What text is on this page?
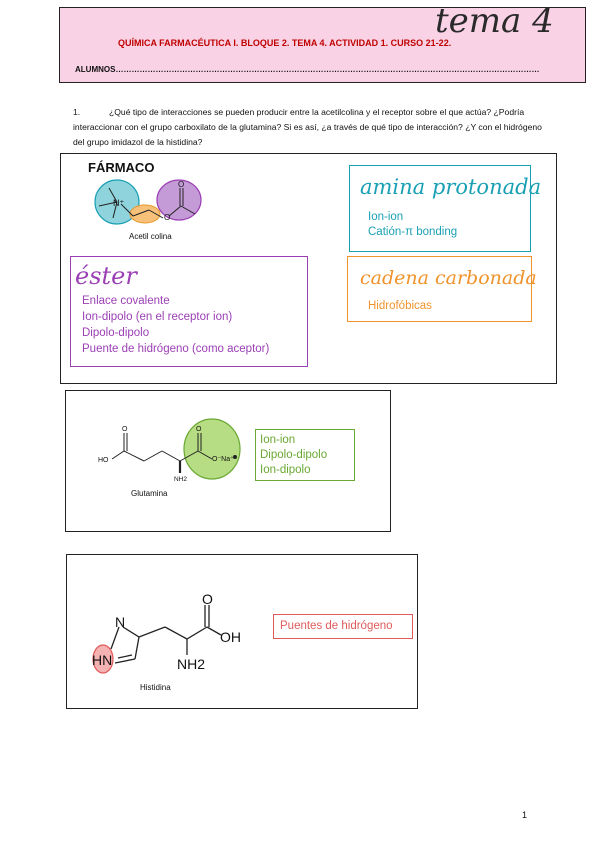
tema 4
QUÍMICA FARMACÉUTICA I. BLOQUE 2. TEMA 4. ACTIVIDAD 1. CURSO 21-22.
ALUMNOS……………………………………………………………………………………………………………………………………………
1.	¿Qué tipo de interacciones se pueden producir entre la acetilcolina y el receptor sobre el que actúa? ¿Podría interaccionar con el grupo carboxilato de la glutamina? Si es así, ¿a través de qué tipo de interacción? ¿Y con el hidrógeno del grupo imidazol de la histidina?
FÁRMACO
N⁺
O
O
Acetil colina
amina protonada
Ion-ion
Catión-π bonding
éster
Enlace covalente
Ion-dipolo (en el receptor ion)
Dipolo-dipolo
Puente de hidrógeno (como aceptor)
cadena carbonada
Hidrofóbicas
O	O
HO	O⁻Na⁺
NH2
Glutamina
Ion-ion
Dipolo-dipolo
Ion-dipolo
N
HN
O
OH
NH2
Histidina
Puentes de hidrógeno
1
